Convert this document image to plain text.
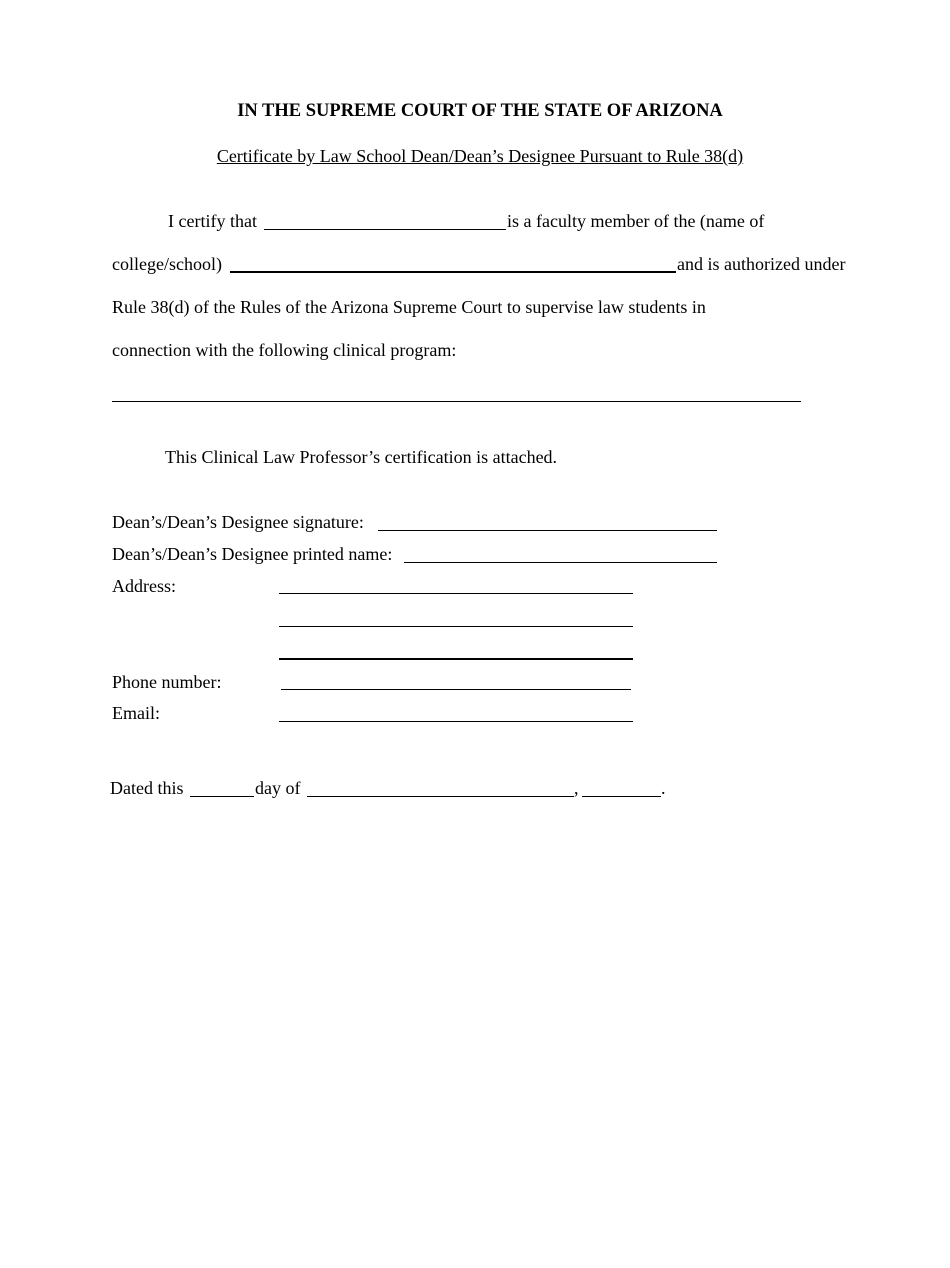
IN THE SUPREME COURT OF THE STATE OF ARIZONA
Certificate by Law School Dean/Dean’s Designee Pursuant to Rule 38(d)
I certify that	is a faculty member of the (name of
college/school)	and is authorized under
Rule 38(d) of the Rules of the Arizona Supreme Court to supervise law students in
connection with the following clinical program:
This Clinical Law Professor’s certification is attached.
Dean’s/Dean’s Designee signature:
Dean’s/Dean’s Designee printed name:
Address:
Phone number:
Email:
Dated this	day of	,	.
